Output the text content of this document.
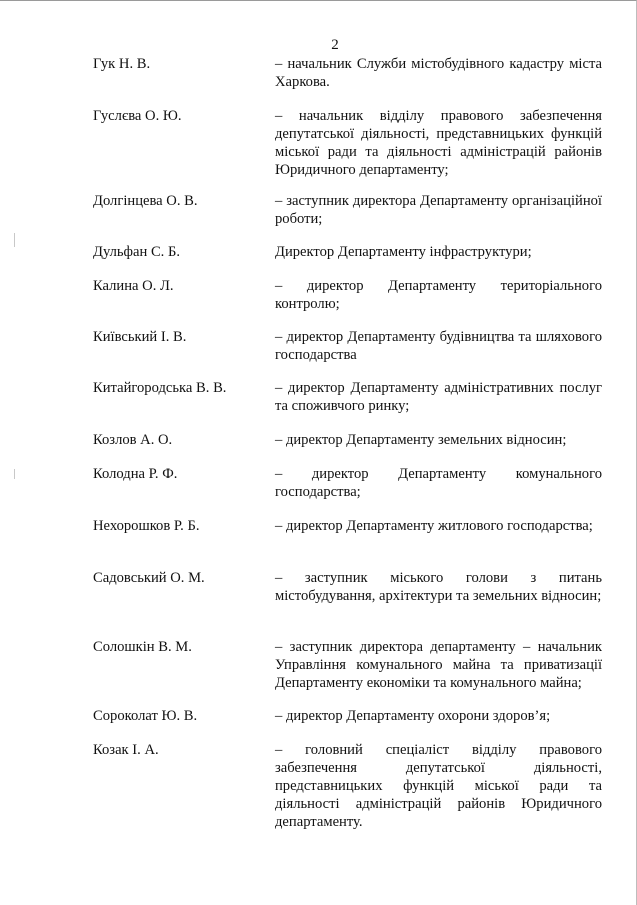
2
Гук Н. В.	– начальник Служби містобудівного кадастру міста Харкова.
Гуслєва О. Ю.	– начальник відділу правового забезпечення депутатської діяльності, представницьких функцій міської ради та діяльності адміністрацій районів Юридичного департаменту;
Долгінцева О. В.	– заступник директора Департаменту організаційної роботи;
Дульфан С. Б.	Директор Департаменту інфраструктури;
Калина О. Л.	– директор Департаменту територіального контролю;
Київський І. В.	– директор Департаменту будівництва та шляхового господарства
Китайгородська В. В.	– директор Департаменту адміністративних послуг та споживчого ринку;
Козлов А. О.	– директор Департаменту земельних відносин;
Колодна Р. Ф.	– директор Департаменту комунального господарства;
Нехорошков Р. Б.	– директор Департаменту житлового господарства;
Садовський О. М.	– заступник міського голови з питань містобудування, архітектури та земельних відносин;
Солошкін В. М.	– заступник директора департаменту – начальник Управління комунального майна та приватизації Департаменту економіки та комунального майна;
Сороколат Ю. В.	– директор Департаменту охорони здоров’я;
Козак І. А.	– головний спеціаліст відділу правового забезпечення депутатської діяльності, представницьких функцій міської ради та діяльності адміністрацій районів Юридичного департаменту.
